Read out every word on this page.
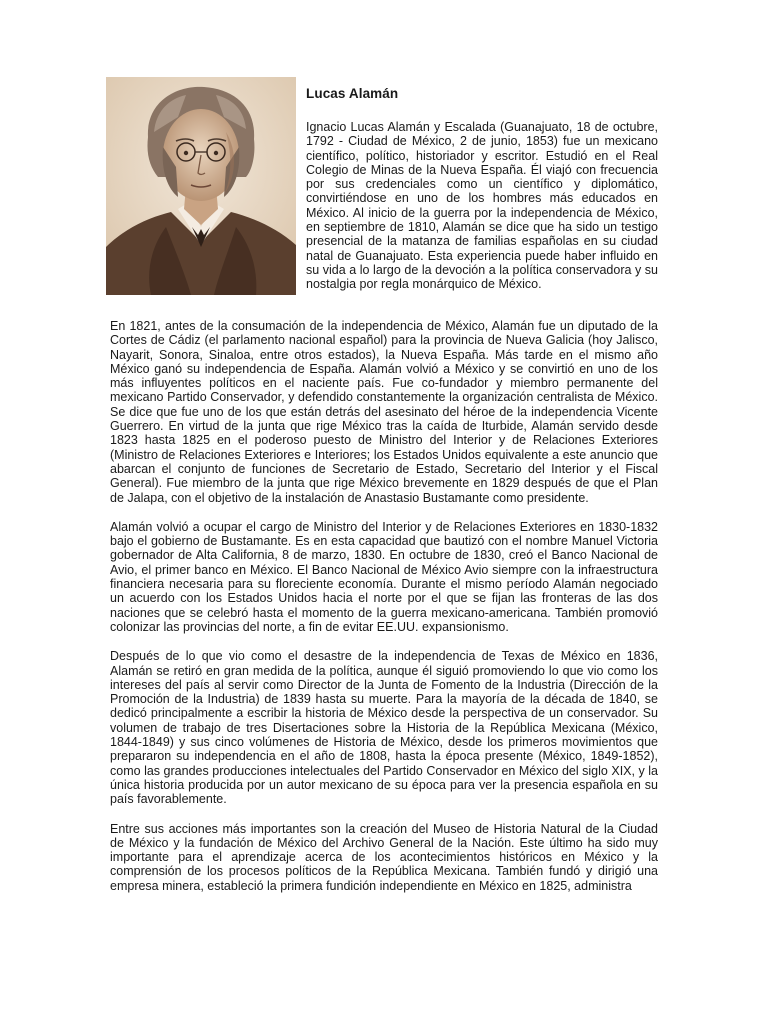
Lucas Alamán

Ignacio Lucas Alamán y Escalada (Guanajuato, 18 de octubre, 1792 - Ciudad de México, 2 de junio, 1853) fue un mexicano científico, político, historiador y escritor. Estudió en el Real Colegio de Minas de la Nueva España. Él viajó con frecuencia por sus credenciales como un científico y diplomático, convirtiéndose en uno de los hombres más educados en México. Al inicio de la guerra por la independencia de México, en septiembre de 1810, Alamán se dice que ha sido un testigo presencial de la matanza de familias españolas en su ciudad natal de Guanajuato. Esta experiencia puede haber influido en su vida a lo largo de la devoción a la política conservadora y su nostalgia por regla monárquico de México.

En 1821, antes de la consumación de la independencia de México, Alamán fue un diputado de la Cortes de Cádiz (el parlamento nacional español) para la provincia de Nueva Galicia (hoy Jalisco, Nayarit, Sonora, Sinaloa, entre otros estados), la Nueva España. Más tarde en el mismo año México ganó su independencia de España. Alamán volvió a México y se convirtió en uno de los más influyentes políticos en el naciente país. Fue co-fundador y miembro permanente del mexicano Partido Conservador, y defendido constantemente la organización centralista de México. Se dice que fue uno de los que están detrás del asesinato del héroe de la independencia Vicente Guerrero. En virtud de la junta que rige México tras la caída de Iturbide, Alamán servido desde 1823 hasta 1825 en el poderoso puesto de Ministro del Interior y de Relaciones Exteriores (Ministro de Relaciones Exteriores e Interiores; los Estados Unidos equivalente a este anuncio que abarcan el conjunto de funciones de Secretario de Estado, Secretario del Interior y el Fiscal General). Fue miembro de la junta que rige México brevemente en 1829 después de que el Plan de Jalapa, con el objetivo de la instalación de Anastasio Bustamante como presidente.

Alamán volvió a ocupar el cargo de Ministro del Interior y de Relaciones Exteriores en 1830-1832 bajo el gobierno de Bustamante. Es en esta capacidad que bautizó con el nombre Manuel Victoria gobernador de Alta California, 8 de marzo, 1830. En octubre de 1830, creó el Banco Nacional de Avio, el primer banco en México. El Banco Nacional de México Avio siempre con la infraestructura financiera necesaria para su floreciente economía. Durante el mismo período Alamán negociado un acuerdo con los Estados Unidos hacia el norte por el que se fijan las fronteras de las dos naciones que se celebró hasta el momento de la guerra mexicano-americana. También promovió colonizar las provincias del norte, a fin de evitar EE.UU. expansionismo.

Después de lo que vio como el desastre de la independencia de Texas de México en 1836, Alamán se retiró en gran medida de la política, aunque él siguió promoviendo lo que vio como los intereses del país al servir como Director de la Junta de Fomento de la Industria (Dirección de la Promoción de la Industria) de 1839 hasta su muerte. Para la mayoría de la década de 1840, se dedicó principalmente a escribir la historia de México desde la perspectiva de un conservador. Su volumen de trabajo de tres Disertaciones sobre la Historia de la República Mexicana (México, 1844-1849) y sus cinco volúmenes de Historia de México, desde los primeros movimientos que prepararon su independencia en el año de 1808, hasta la época presente (México, 1849-1852), como las grandes producciones intelectuales del Partido Conservador en México del siglo XIX, y la única historia producida por un autor mexicano de su época para ver la presencia española en su país favorablemente.

Entre sus acciones más importantes son la creación del Museo de Historia Natural de la Ciudad de México y la fundación de México del Archivo General de la Nación. Este último ha sido muy importante para el aprendizaje acerca de los acontecimientos históricos en México y la comprensión de los procesos políticos de la República Mexicana. También fundó y dirigió una empresa minera, estableció la primera fundición independiente en México en 1825, administra
